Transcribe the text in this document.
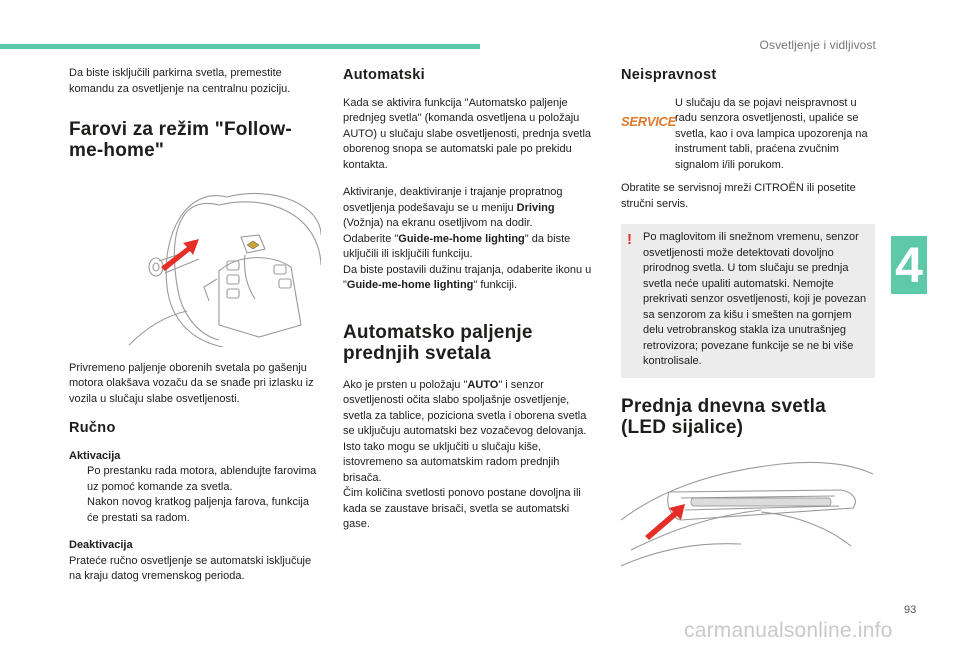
Osvetljenje i vidljivost

Da biste isključili parkirna svetla, premestite komandu za osvetljenje na centralnu poziciju.

Farovi za režim "Follow-me-home"

Privremeno paljenje oborenih svetala po gašenju motora olakšava vozaču da se snađe pri izlasku iz vozila u slučaju slabe osvetljenosti.

Ručno
Aktivacija
Po prestanku rada motora, ablendujte farovima uz pomoć komande za svetla.
Nakon novog kratkog paljenja farova, funkcija će prestati sa radom.
Deaktivacija
Prateće ručno osvetljenje se automatski isključuje na kraju datog vremenskog perioda.
Automatski

Kada se aktivira funkcija "Automatsko paljenje prednjeg svetla" (komanda osvetljena u položaju AUTO) u slučaju slabe osvetljenosti, prednja svetla oborenog snopa se automatski pale po prekidu kontakta.

Aktiviranje, deaktiviranje i trajanje propratnog osvetljenja podešavaju se u meniju Driving (Vožnja) na ekranu osetljivom na dodir.
Odaberite "Guide-me-home lighting" da biste uključili ili isključili funkciju.
Da biste postavili dužinu trajanja, odaberite ikonu u "Guide-me-home lighting" funkciji.

Automatsko paljenje prednjih svetala

Ako je prsten u položaju "AUTO" i senzor osvetljenosti očita slabo spoljašnje osvetljenje, svetla za tablice, poziciona svetla i oborena svetla se uključuju automatski bez vozačevog delovanja. Isto tako mogu se uključiti u slučaju kiše, istovremeno sa automatskim radom prednjih brisača.
Čim količina svetlosti ponovo postane dovoljna ili kada se zaustave brisači, svetla se automatski gase.

Neispravnost
SERVICE
U slučaju da se pojavi neispravnost u radu senzora osvetljenosti, upaliće se svetla, kao i ova lampica upozorenja na instrument tabli, praćena zvučnim signalom i/ili porukom.

Obratite se servisnoj mreži CITROËN ili posetite stručni servis.

! Po maglovitom ili snežnom vremenu, senzor osvetljenosti može detektovati dovoljno prirodnog svetla. U tom slučaju se prednja svetla neće upaliti automatski. Nemojte prekrivati senzor osvetljenosti, koji je povezan sa senzorom za kišu i smešten na gornjem delu vetrobranskog stakla iza unutrašnjeg retrovizora; povezane funkcije se ne bi više kontrolisale.
Prednja dnevna svetla (LED sijalice)
4
93
carmanualsonline.info
